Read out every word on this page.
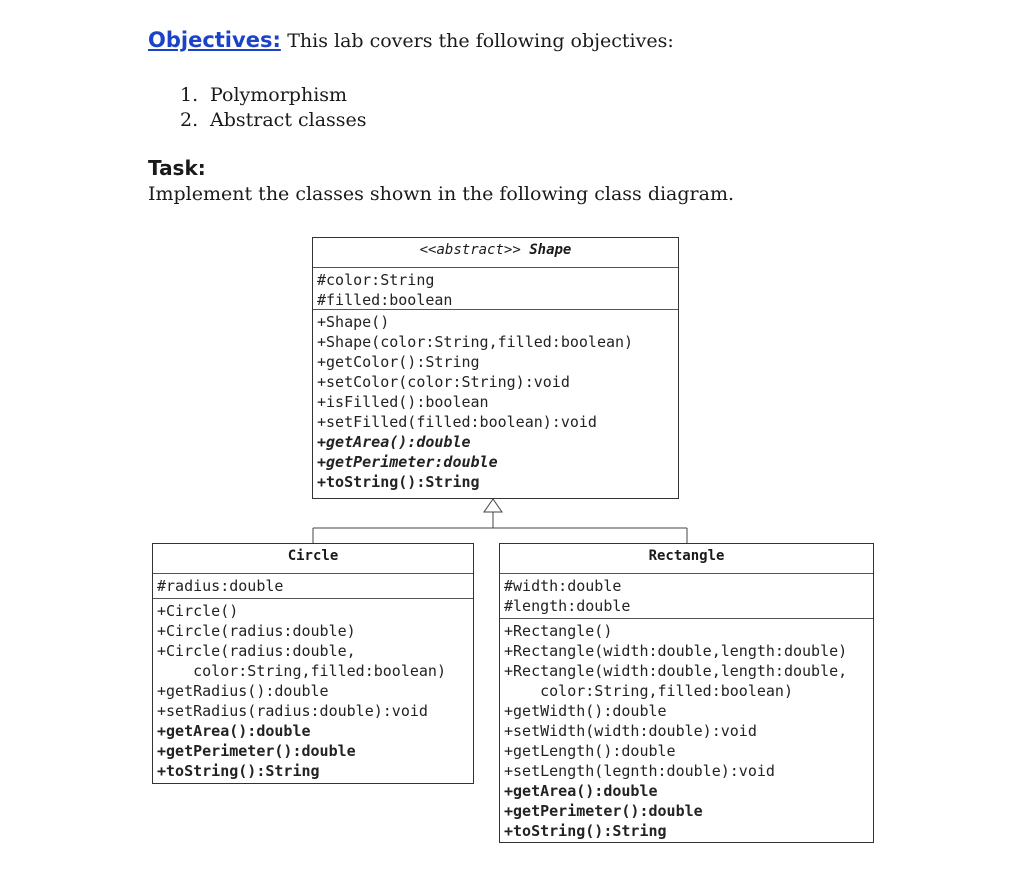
Objectives: This lab covers the following objectives:
1. Polymorphism
2. Abstract classes
Task:
Implement the classes shown in the following class diagram.
<<abstract>> Shape
#color:String
#filled:boolean
+Shape()
+Shape(color:String,filled:boolean)
+getColor():String
+setColor(color:String):void
+isFilled():boolean
+setFilled(filled:boolean):void
+getArea():double
+getPerimeter:double
+toString():String
Circle
#radius:double
+Circle()
+Circle(radius:double)
+Circle(radius:double,
color:String,filled:boolean)
+getRadius():double
+setRadius(radius:double):void
+getArea():double
+getPerimeter():double
+toString():String
Rectangle
#width:double
#length:double
+Rectangle()
+Rectangle(width:double,length:double)
+Rectangle(width:double,length:double,
color:String,filled:boolean)
+getWidth():double
+setWidth(width:double):void
+getLength():double
+setLength(legnth:double):void
+getArea():double
+getPerimeter():double
+toString():String
